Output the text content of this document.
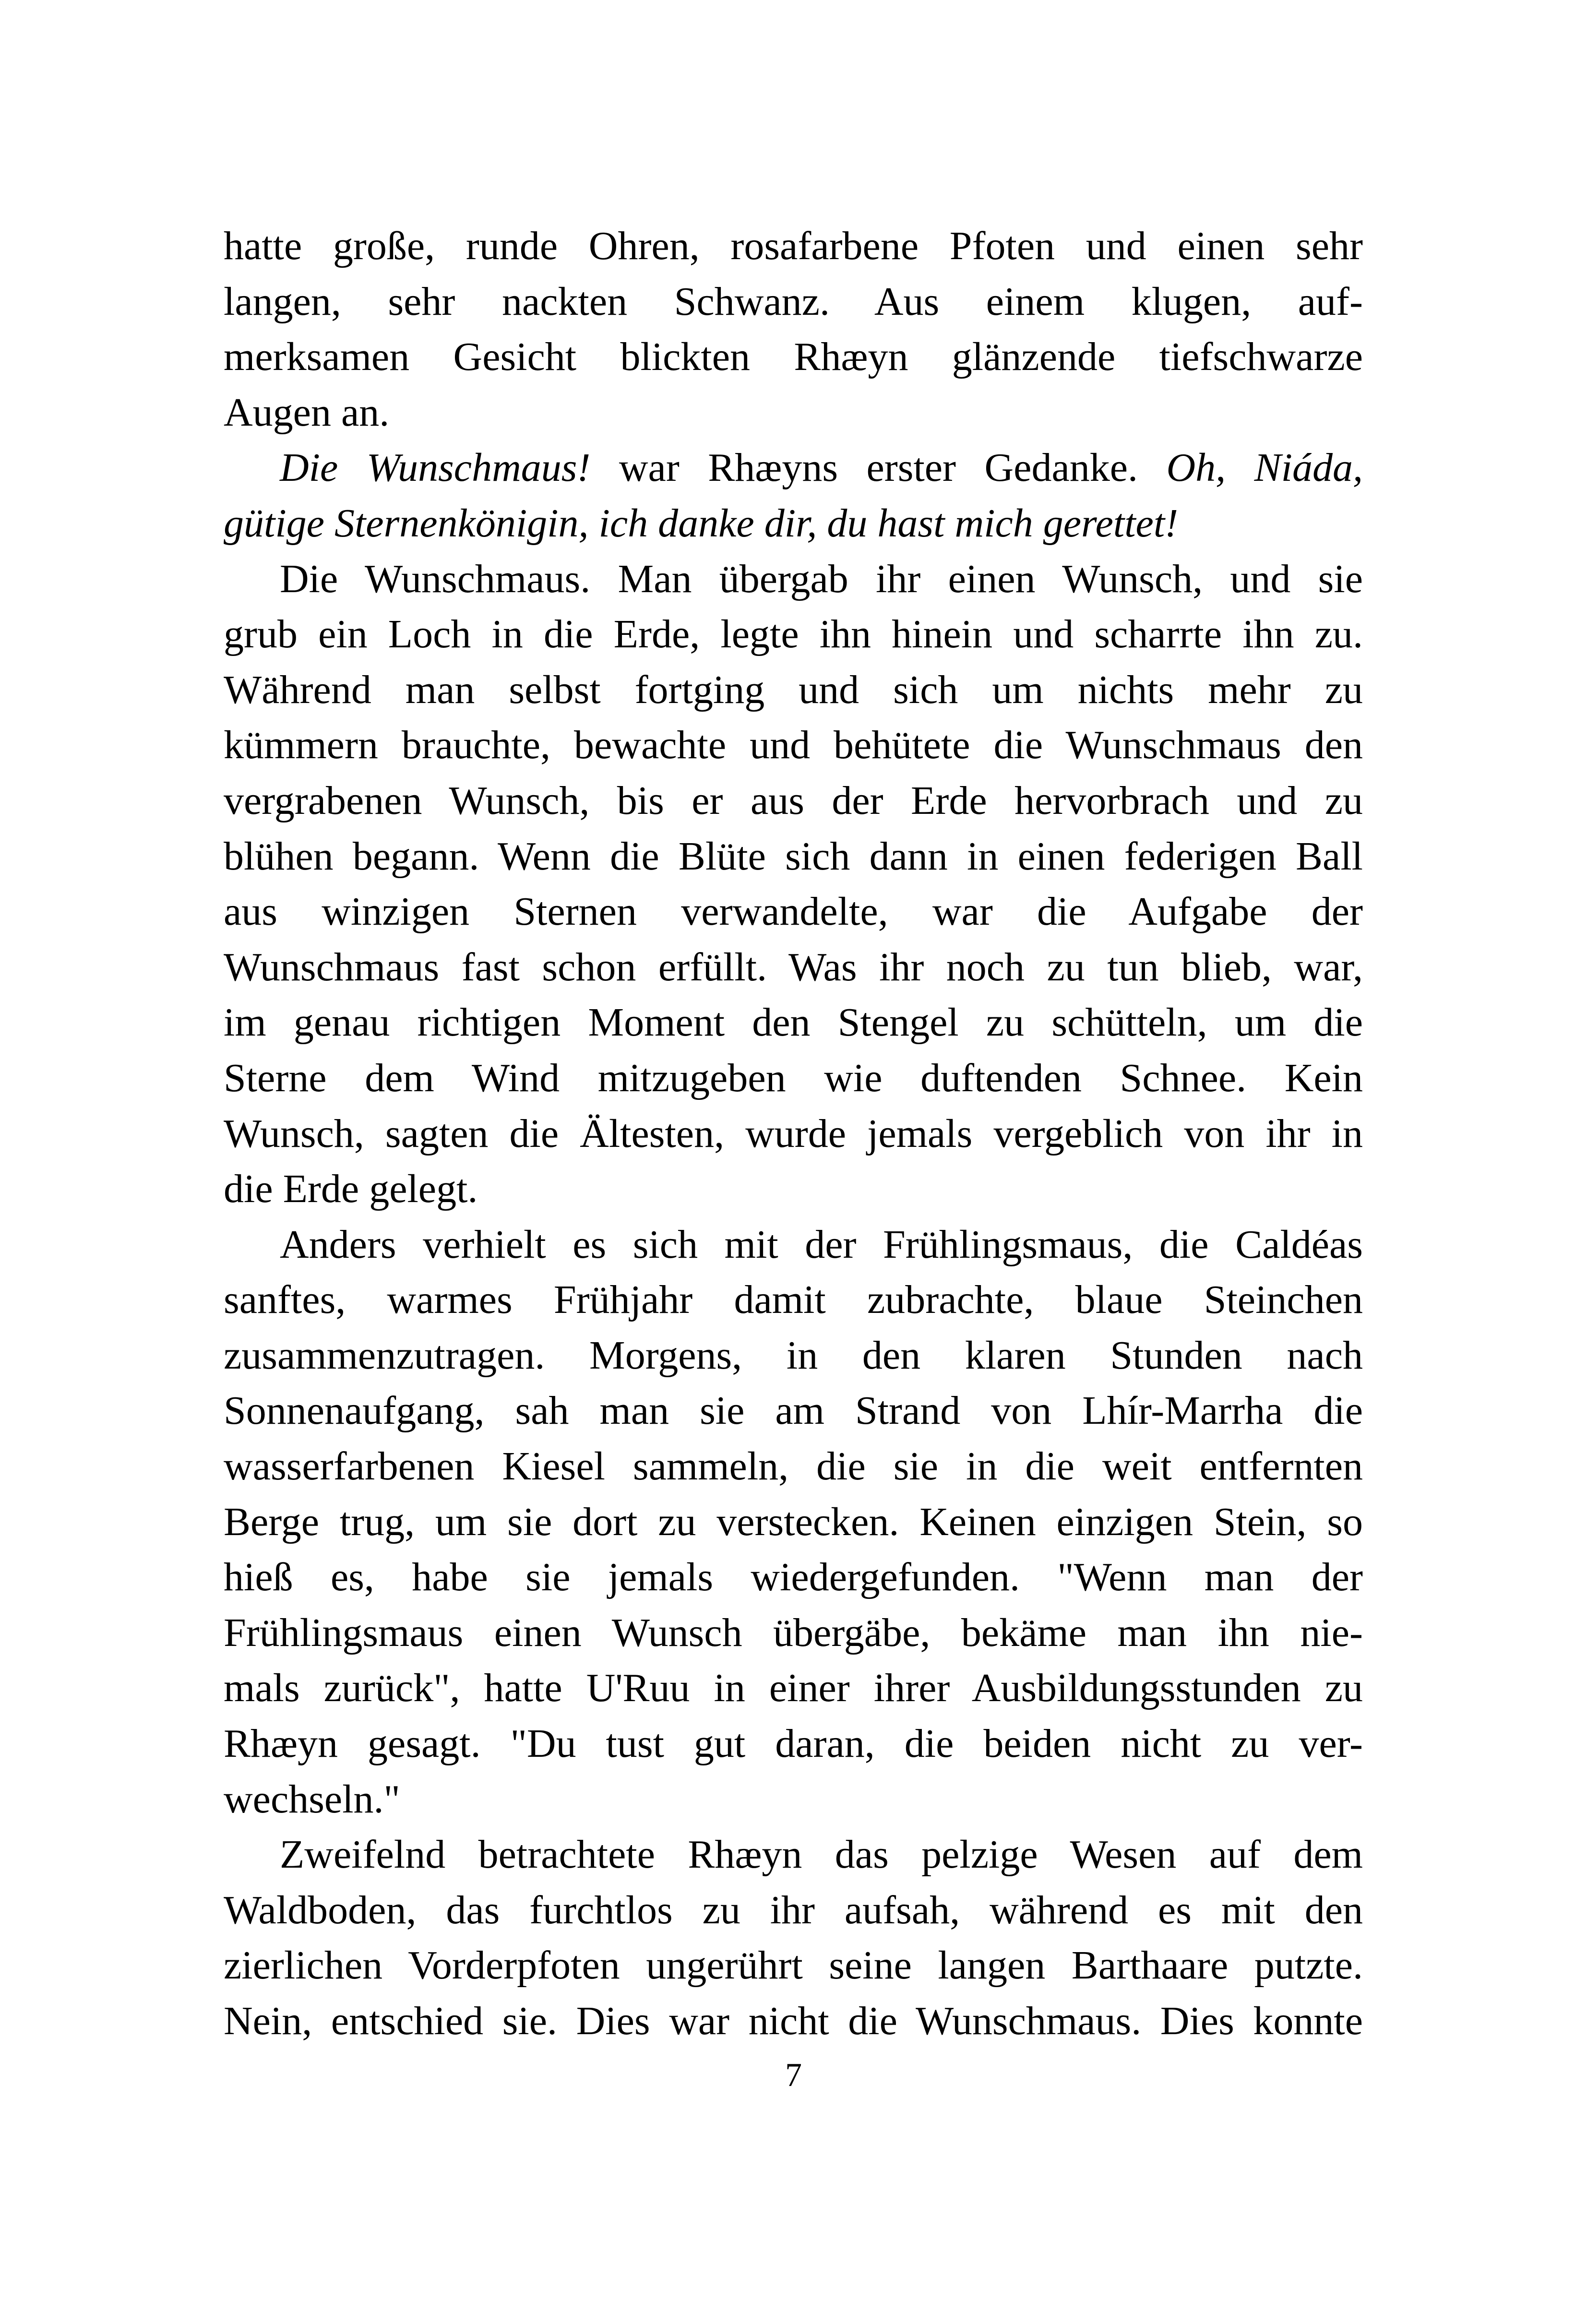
hatte große, runde Ohren, rosafarbene Pfoten und einen sehr
langen, sehr nackten Schwanz. Aus einem klugen, auf-
merksamen Gesicht blickten Rhæyn glänzende tiefschwarze
Augen an.
Die Wunschmaus! war Rhæyns erster Gedanke. Oh, Niáda,
gütige Sternenkönigin, ich danke dir, du hast mich gerettet!
Die Wunschmaus. Man übergab ihr einen Wunsch, und sie
grub ein Loch in die Erde, legte ihn hinein und scharrte ihn zu.
Während man selbst fortging und sich um nichts mehr zu
kümmern brauchte, bewachte und behütete die Wunschmaus den
vergrabenen Wunsch, bis er aus der Erde hervorbrach und zu
blühen begann. Wenn die Blüte sich dann in einen federigen Ball
aus winzigen Sternen verwandelte, war die Aufgabe der
Wunschmaus fast schon erfüllt. Was ihr noch zu tun blieb, war,
im genau richtigen Moment den Stengel zu schütteln, um die
Sterne dem Wind mitzugeben wie duftenden Schnee. Kein
Wunsch, sagten die Ältesten, wurde jemals vergeblich von ihr in
die Erde gelegt.
Anders verhielt es sich mit der Frühlingsmaus, die Caldéas
sanftes, warmes Frühjahr damit zubrachte, blaue Steinchen
zusammenzutragen. Morgens, in den klaren Stunden nach
Sonnenaufgang, sah man sie am Strand von Lhír-Marrha die
wasserfarbenen Kiesel sammeln, die sie in die weit entfernten
Berge trug, um sie dort zu verstecken. Keinen einzigen Stein, so
hieß es, habe sie jemals wiedergefunden. "Wenn man der
Frühlingsmaus einen Wunsch übergäbe, bekäme man ihn nie-
mals zurück", hatte U'Ruu in einer ihrer Ausbildungsstunden zu
Rhæyn gesagt. "Du tust gut daran, die beiden nicht zu ver-
wechseln."
Zweifelnd betrachtete Rhæyn das pelzige Wesen auf dem
Waldboden, das furchtlos zu ihr aufsah, während es mit den
zierlichen Vorderpfoten ungerührt seine langen Barthaare putzte.
Nein, entschied sie. Dies war nicht die Wunschmaus. Dies konnte
7
